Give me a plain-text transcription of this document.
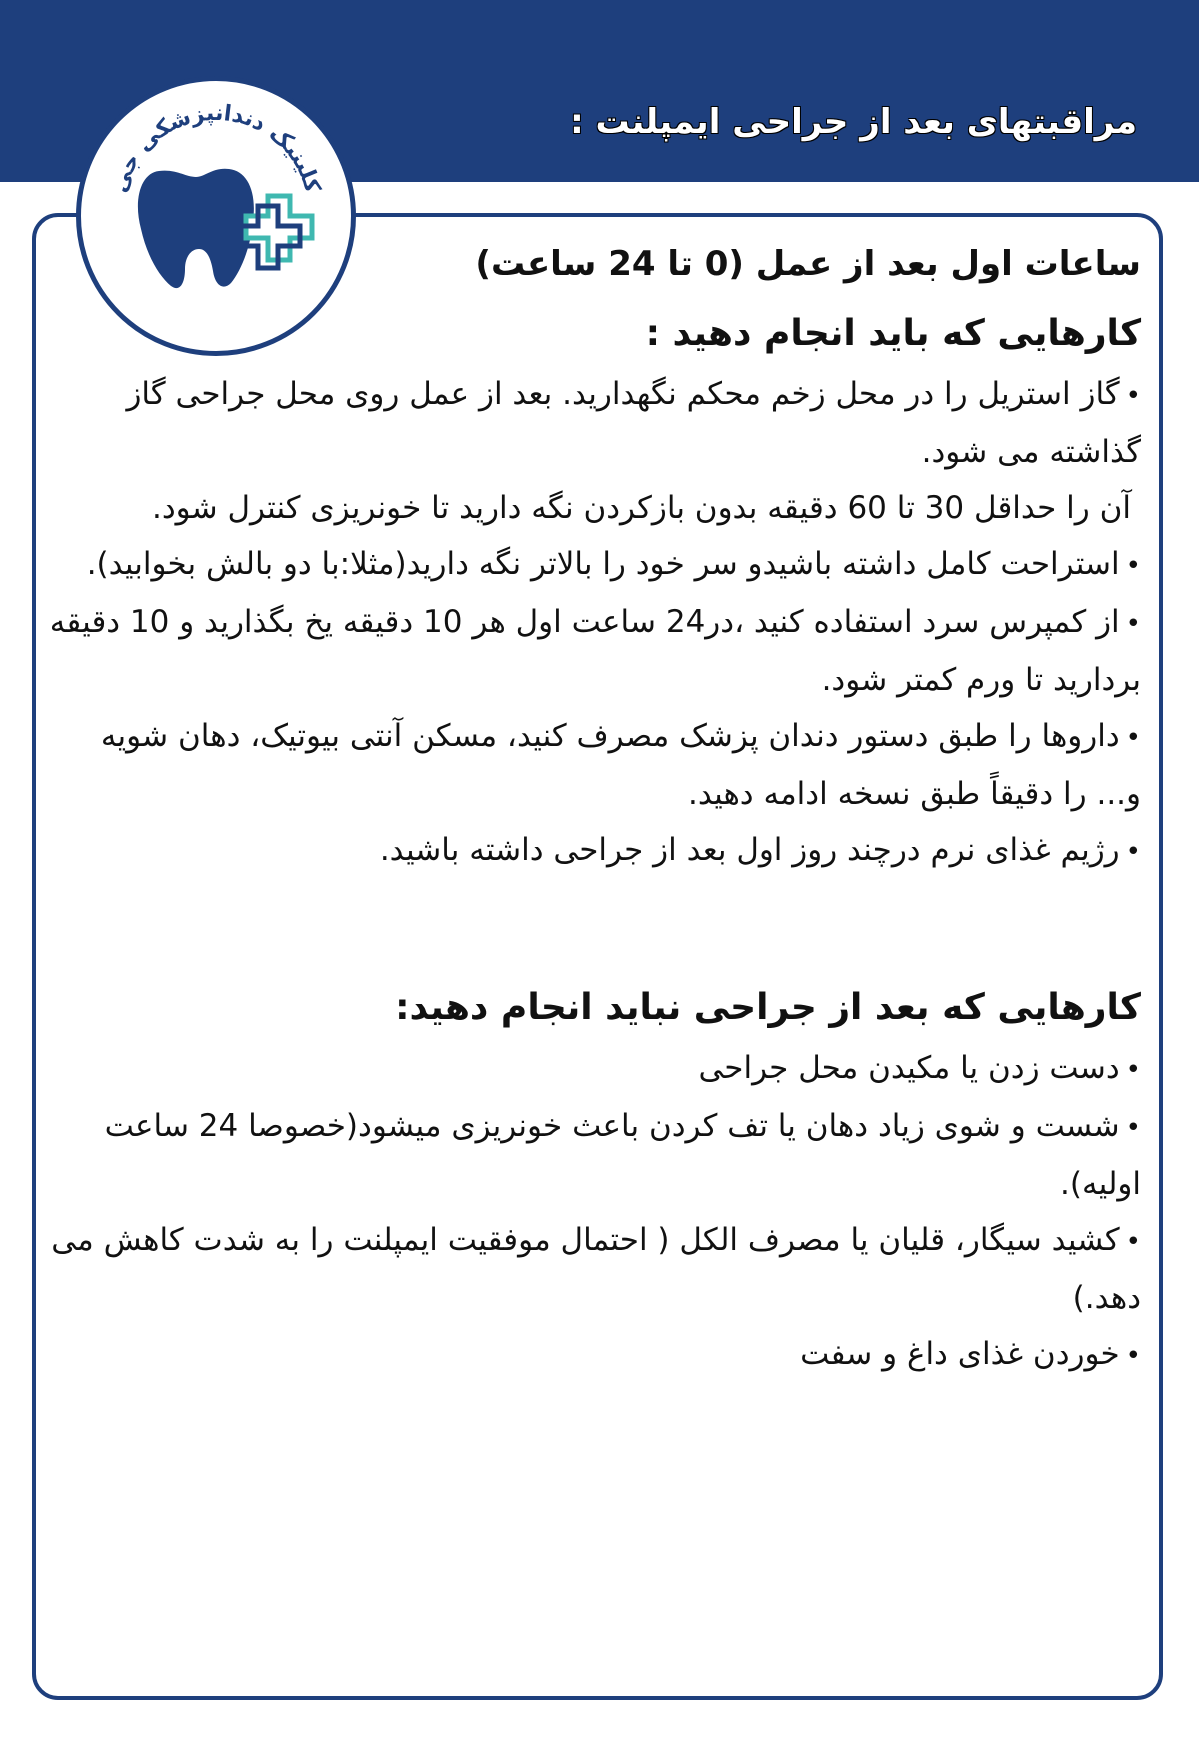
مراقبتهای بعد از جراحی ایمپلنت :
کلینیک دندانپزشکی جی
ساعات اول بعد از عمل (0 تا 24 ساعت)
کارهایی که باید انجام دهید :

•گاز استریل را در محل زخم محکم نگهدارید. بعد از عمل روی محل جراحی گاز گذاشته می شود.

آن را حداقل 30 تا 60 دقیقه بدون بازکردن نگه دارید تا خونریزی کنترل شود.

•استراحت کامل داشته باشیدو سر خود را بالاتر نگه دارید(مثلا:با دو بالش بخوابید).

•از کمپرس سرد استفاده کنید ،در24 ساعت اول هر 10 دقیقه یخ بگذارید و 10 دقیقه بردارید تا ورم کمتر شود.

•داروها را طبق دستور دندان پزشک مصرف کنید، مسکن آنتی بیوتیک، دهان شویه و... را دقیقاً طبق نسخه ادامه دهید.

•رژیم غذای نرم درچند روز اول بعد از جراحی داشته باشید.

کارهایی که بعد از جراحی نباید انجام دهید:

•دست زدن یا مکیدن محل جراحی

•شست و شوی زیاد دهان یا تف کردن باعث خونریزی میشود(خصوصا 24 ساعت اولیه).

•کشید سیگار، قلیان یا مصرف الکل ( احتمال موفقیت ایمپلنت را به شدت کاهش می دهد.)

•خوردن غذای داغ و سفت
